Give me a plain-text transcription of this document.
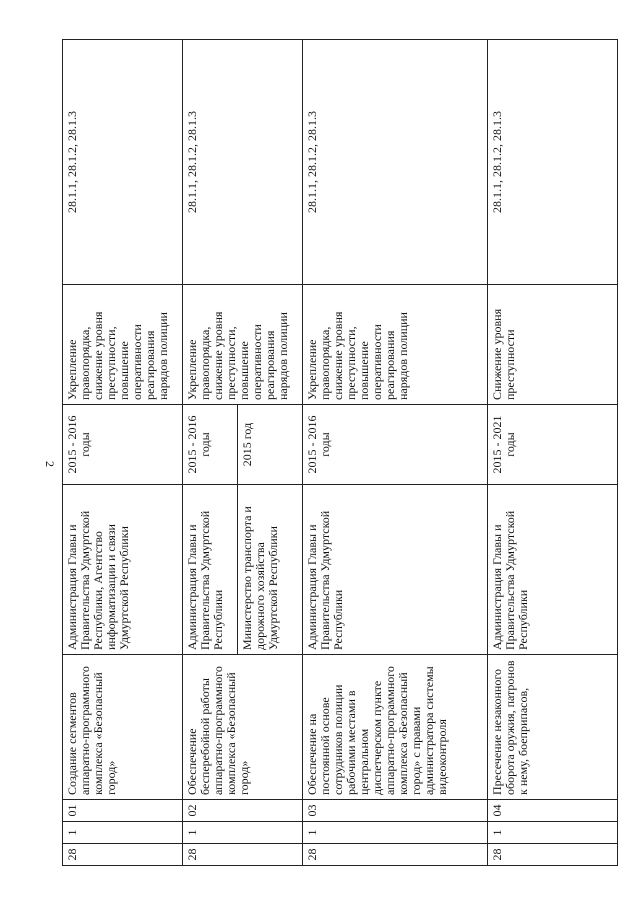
2
28	1	01	Создание сегментов аппаратно-программного комплекса «Безопасный город»	Администрация Главы и Правительства Удмуртской Республики, Агентство информатизации и связи Удмуртской Республики	2015 - 2016 годы	Укрепление правопорядка, снижение уровня преступности, повышение оперативности реагирования нарядов полиции	28.1.1, 28.1.2, 28.1.3
28	1	02	Обеспечение бесперебойной работы аппаратно-программного комплекса «Безопасный город»	Администрация Главы и Правительства Удмуртской Республики	2015 - 2016 годы	Укрепление правопорядка, снижение уровня преступности, повышение оперативности реагирования нарядов полиции	28.1.1, 28.1.2, 28.1.3
				Министерство транспорта и дорожного хозяйства Удмуртской Республики	2015 год		
28	1	03	Обеспечение на постоянной основе сотрудников полиции рабочими местами в центральном диспетчерском пункте аппаратно-программного комплекса «Безопасный город» с правами администратора системы видеоконтроля	Администрация Главы и Правительства Удмуртской Республики	2015 - 2016 годы	Укрепление правопорядка, снижение уровня преступности, повышение оперативности реагирования нарядов полиции	28.1.1, 28.1.2, 28.1.3
28	1	04	Пресечение незаконного оборота оружия, патронов к нему, боеприпасов,	Администрация Главы и Правительства Удмуртской Республики	2015 - 2021 годы	Снижение уровня преступности	28.1.1, 28.1.2, 28.1.3
